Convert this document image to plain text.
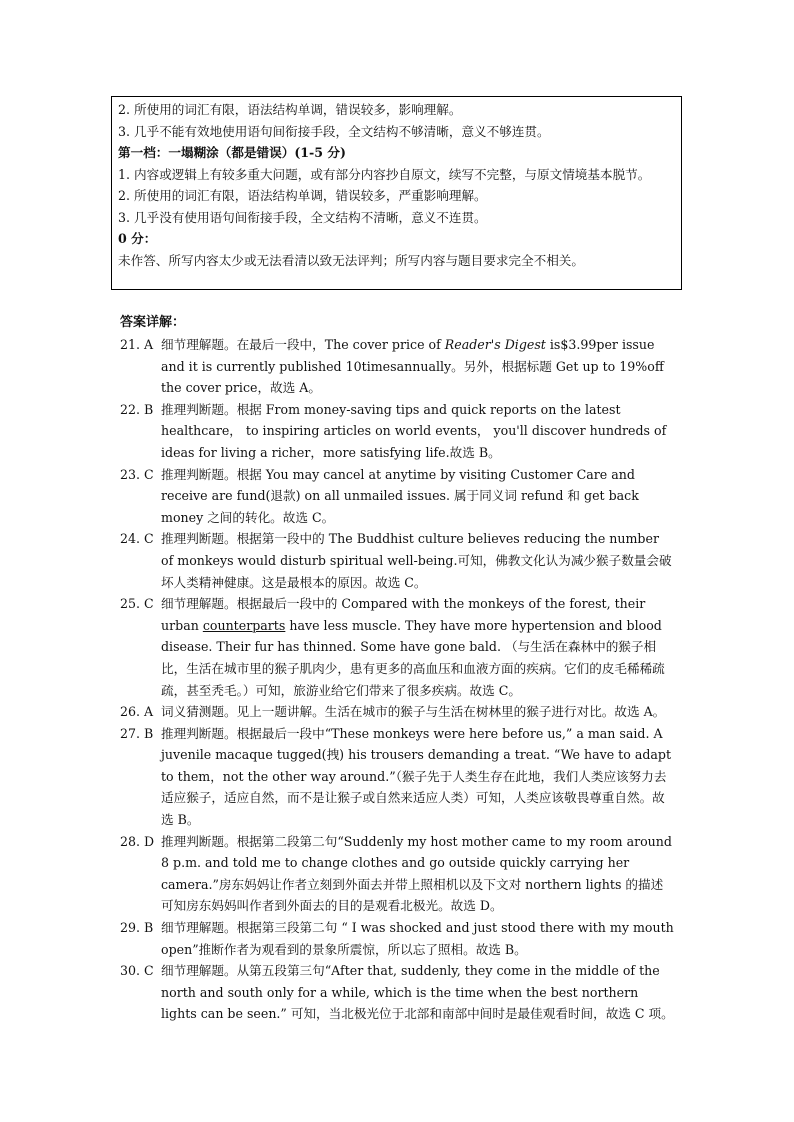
2. 所使用的词汇有限，语法结构单调，错误较多，影响理解。
3. 几乎不能有效地使用语句间衔接手段，全文结构不够清晰，意义不够连贯。
第一档：一塌糊涂（都是错误）(1-5 分)
1. 内容或逻辑上有较多重大问题，或有部分内容抄自原文，续写不完整，与原文情境基本脱节。
2. 所使用的词汇有限，语法结构单调，错误较多，严重影响理解。
3. 几乎没有使用语句间衔接手段，全文结构不清晰，意义不连贯。
0 分：
未作答、所写内容太少或无法看清以致无法评判；所写内容与题目要求完全不相关。
答案详解：
21. A 细节理解题。在最后一段中，The cover price of Reader's Digest is$3.99per issue and it is currently published 10timesannually。另外，根据标题 Get up to 19%off the cover price，故选 A。
22. B 推理判断题。根据 From money-saving tips and quick reports on the latest healthcare， to inspiring articles on world events， you'll discover hundreds of ideas for living a richer，more satisfying life.故选 B。
23. C 推理判断题。根据 You may cancel at anytime by visiting Customer Care and receive are fund(退款) on all unmailed issues. 属于同义词 refund 和 get back money 之间的转化。故选 C。
24. C 推理判断题。根据第一段中的 The Buddhist culture believes reducing the number of monkeys would disturb spiritual well-being.可知，佛教文化认为减少猴子数量会破坏人类精神健康。这是最根本的原因。故选 C。
25. C 细节理解题。根据最后一段中的 Compared with the monkeys of the forest, their urban counterparts have less muscle. They have more hypertension and blood disease. Their fur has thinned. Some have gone bald. （与生活在森林中的猴子相比，生活在城市里的猴子肌肉少，患有更多的高血压和血液方面的疾病。它们的皮毛稀稀疏疏，甚至秃毛。）可知，旅游业给它们带来了很多疾病。故选 C。
26. A 词义猜测题。见上一题讲解。生活在城市的猴子与生活在树林里的猴子进行对比。故选 A。
27. B 推理判断题。根据最后一段中“These monkeys were here before us,” a man said. A juvenile macaque tugged(拽) his trousers demanding a treat. “We have to adapt to them，not the other way around.”（猴子先于人类生存在此地，我们人类应该努力去适应猴子，适应自然，而不是让猴子或自然来适应人类）可知，人类应该敬畏尊重自然。故选 B。
28. D 推理判断题。根据第二段第二句“Suddenly my host mother came to my room around 8 p.m. and told me to change clothes and go outside quickly carrying her camera.”房东妈妈让作者立刻到外面去并带上照相机以及下文对 northern lights 的描述可知房东妈妈叫作者到外面去的目的是观看北极光。故选 D。
29. B 细节理解题。根据第三段第二句 “ I was shocked and just stood there with my mouth open”推断作者为观看到的景象所震惊，所以忘了照相。故选 B。
30. C 细节理解题。从第五段第三句“After that, suddenly, they come in the middle of the north and south only for a while, which is the time when the best northern lights can be seen.” 可知，当北极光位于北部和南部中间时是最佳观看时间，故选 C 项。
